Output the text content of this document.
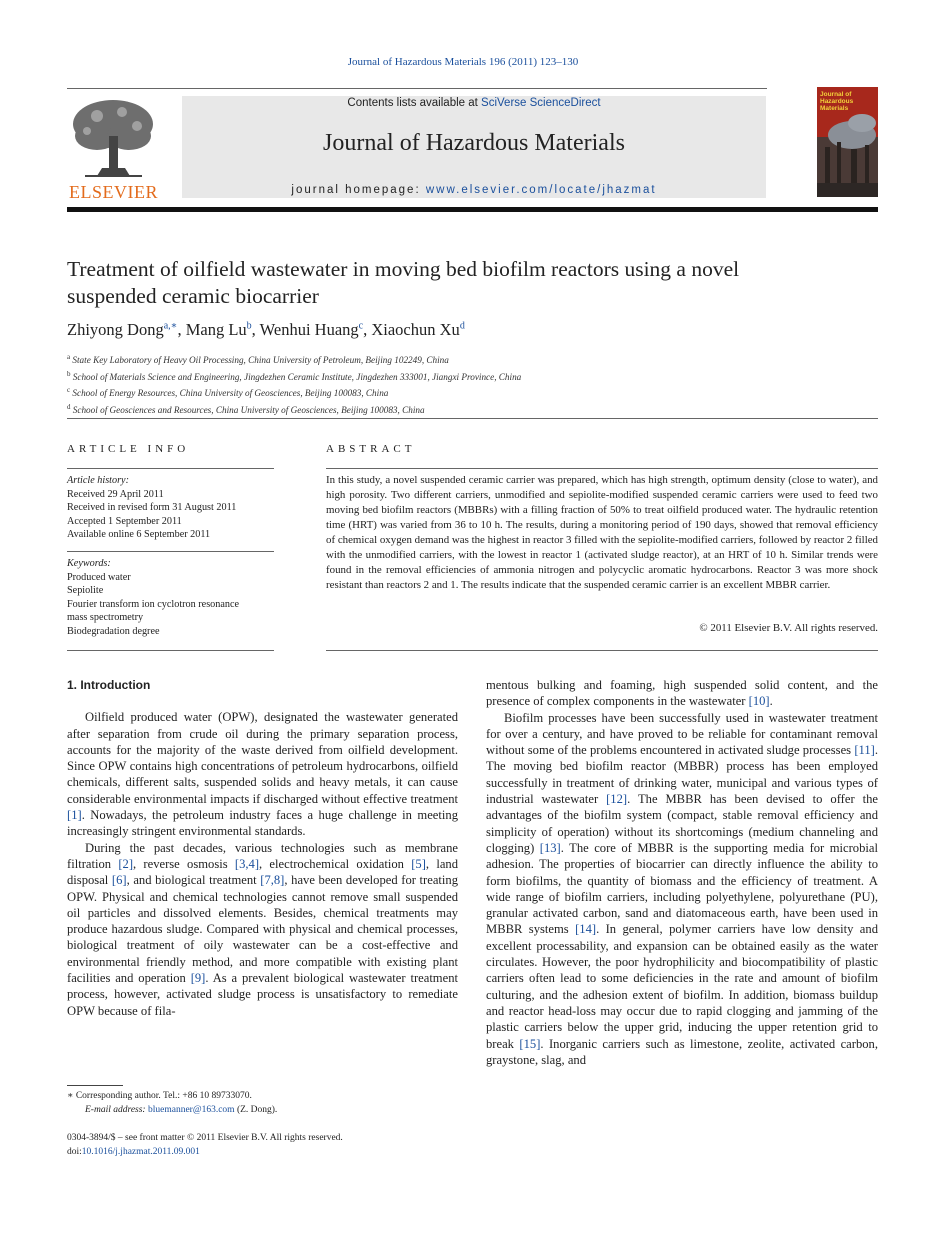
Journal of Hazardous Materials 196 (2011) 123–130
ELSEVIER
Contents lists available at SciVerse ScienceDirect
Journal of Hazardous Materials
journal homepage: www.elsevier.com/locate/jhazmat
Journal of Hazardous Materials
Treatment of oilfield wastewater in moving bed biofilm reactors using a novel
suspended ceramic biocarrier
Zhiyong Dong$^{a,∗}$, Mang Lu$^b$, Wenhui Huang$^c$, Xiaochun Xu$^d$
$^a$ State Key Laboratory of Heavy Oil Processing, China University of Petroleum, Beijing 102249, China
$^b$ School of Materials Science and Engineering, Jingdezhen Ceramic Institute, Jingdezhen 333001, Jiangxi Province, China
$^c$ School of Energy Resources, China University of Geosciences, Beijing 100083, China
$^d$ School of Geosciences and Resources, China University of Geosciences, Beijing 100083, China
ARTICLE INFO	ABSTRACT
Article history:
Received 29 April 2011
Received in revised form 31 August 2011
Accepted 1 September 2011
Available online 6 September 2011
Keywords:
Produced water
Sepiolite
Fourier transform ion cyclotron resonance
mass spectrometry
Biodegradation degree
In this study, a novel suspended ceramic carrier was prepared, which has high strength, optimum density (close to water), and high porosity. Two different carriers, unmodified and sepiolite-modified suspended ceramic carriers were used to feed two moving bed biofilm reactors (MBBRs) with a filling fraction of 50% to treat oilfield produced water. The hydraulic retention time (HRT) was varied from 36 to 10 h. The results, during a monitoring period of 190 days, showed that removal efficiency of chemical oxygen demand was the highest in reactor 3 filled with the sepiolite-modified carriers, followed by reactor 2 filled with the unmodified carriers, with the lowest in reactor 1 (activated sludge reactor), at an HRT of 10 h. Similar trends were found in the removal efficiencies of ammonia nitrogen and polycyclic aromatic hydrocarbons. Reactor 3 was more shock resistant than reactors 2 and 1. The results indicate that the suspended ceramic carrier is an excellent MBBR carrier.
© 2011 Elsevier B.V. All rights reserved.
1. Introduction

Oilfield produced water (OPW), designated the wastewater generated after separation from crude oil during the primary separation process, accounts for the majority of the waste derived from oilfield development. Since OPW contains high concentrations of petroleum hydrocarbons, oilfield chemicals, different salts, suspended solids and heavy metals, it can cause considerable environmental impacts if discharged without effective treatment [1]. Nowadays, the petroleum industry faces a huge challenge in meeting increasingly stringent environmental standards.

During the past decades, various technologies such as membrane filtration [2], reverse osmosis [3,4], electrochemical oxidation [5], land disposal [6], and biological treatment [7,8], have been developed for treating OPW. Physical and chemical technologies cannot remove small suspended oil particles and dissolved elements. Besides, chemical treatments may produce hazardous sludge. Compared with physical and chemical processes, biological treatment of oily wastewater can be a cost-effective and environmental friendly method, and more compatible with existing plant facilities and operation [9]. As a prevalent biological wastewater treatment process, however, activated sludge process is unsatisfactory to remediate OPW because of fila-

mentous bulking and foaming, high suspended solid content, and the presence of complex components in the wastewater [10].

Biofilm processes have been successfully used in wastewater treatment for over a century, and have proved to be reliable for contaminant removal without some of the problems encountered in activated sludge processes [11]. The moving bed biofilm reactor (MBBR) process has been employed successfully in treatment of drinking water, municipal and various types of industrial wastewater [12]. The MBBR has been devised to offer the advantages of the biofilm system (compact, stable removal efficiency and simplicity of operation) without its shortcomings (medium channeling and clogging) [13]. The core of MBBR is the supporting media for microbial adhesion. The properties of biocarrier can directly influence the ability to form biofilms, the quantity of biomass and the efficiency of treatment. A wide range of biofilm carriers, including polyethylene, polyurethane (PU), granular activated carbon, sand and diatomaceous earth, have been used in MBBR systems [14]. In general, polymer carriers have low density and excellent processability, and expansion can be obtained easily as the water circulates. However, the poor hydrophilicity and biocompatibility of plastic carriers often lead to some deficiencies in the rate and amount of biofilm culturing, and the adhesion extent of biofilm. In addition, biomass buildup and reactor head-loss may occur due to rapid clogging and jamming of the plastic carriers below the upper grid, inducing the upper retention grid to break [15]. Inorganic carriers such as limestone, zeolite, activated carbon, graystone, slag, and

∗ Corresponding author. Tel.: +86 10 89733070.
E-mail address: bluemanner@163.com (Z. Dong).
0304-3894/$ – see front matter © 2011 Elsevier B.V. All rights reserved.
doi:10.1016/j.jhazmat.2011.09.001
